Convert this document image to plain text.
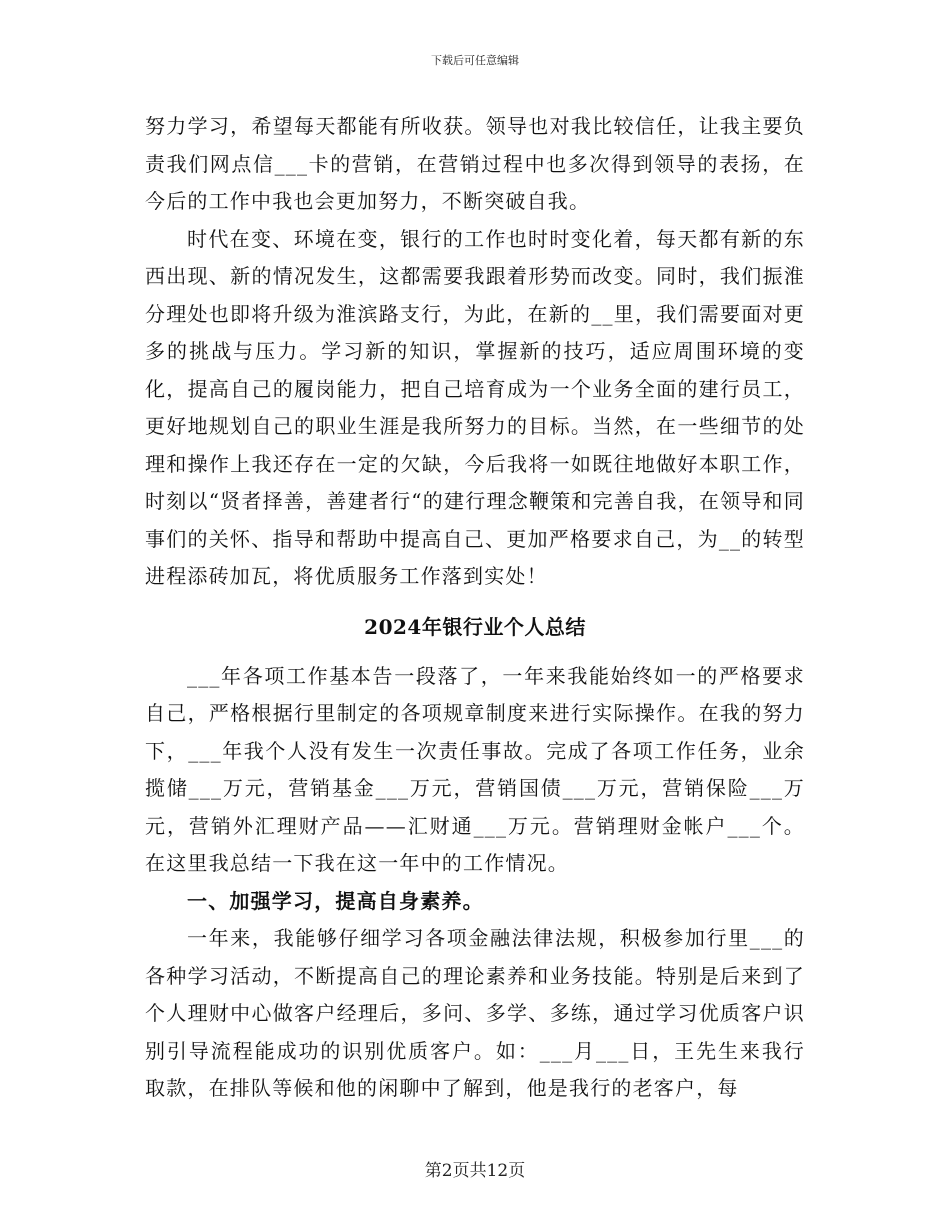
下载后可任意编辑

努力学习，希望每天都能有所收获。领导也对我比较信任，让我主要负责我们网点信___卡的营销，在营销过程中也多次得到领导的表扬，在今后的工作中我也会更加努力，不断突破自我。

时代在变、环境在变，银行的工作也时时变化着，每天都有新的东西出现、新的情况发生，这都需要我跟着形势而改变。同时，我们振淮分理处也即将升级为淮滨路支行，为此，在新的__里，我们需要面对更多的挑战与压力。学习新的知识，掌握新的技巧，适应周围环境的变化，提高自己的履岗能力，把自己培育成为一个业务全面的建行员工，更好地规划自己的职业生涯是我所努力的目标。当然，在一些细节的处理和操作上我还存在一定的欠缺，今后我将一如既往地做好本职工作，时刻以“贤者择善，善建者行“的建行理念鞭策和完善自我，在领导和同事们的关怀、指导和帮助中提高自己、更加严格要求自己，为__的转型进程添砖加瓦，将优质服务工作落到实处！

2024年银行业个人总结

___年各项工作基本告一段落了，一年来我能始终如一的严格要求自己，严格根据行里制定的各项规章制度来进行实际操作。在我的努力下，___年我个人没有发生一次责任事故。完成了各项工作任务，业余揽储___万元，营销基金___万元，营销国债___万元，营销保险___万元，营销外汇理财产品——汇财通___万元。营销理财金帐户___个。在这里我总结一下我在这一年中的工作情况。

一、加强学习，提高自身素养。

一年来，我能够仔细学习各项金融法律法规，积极参加行里___的各种学习活动，不断提高自己的理论素养和业务技能。特别是后来到了个人理财中心做客户经理后，多问、多学、多练，通过学习优质客户识别引导流程能成功的识别优质客户。如：___月___日，王先生来我行取款，在排队等候和他的闲聊中了解到，他是我行的老客户，每

第2页共12页
